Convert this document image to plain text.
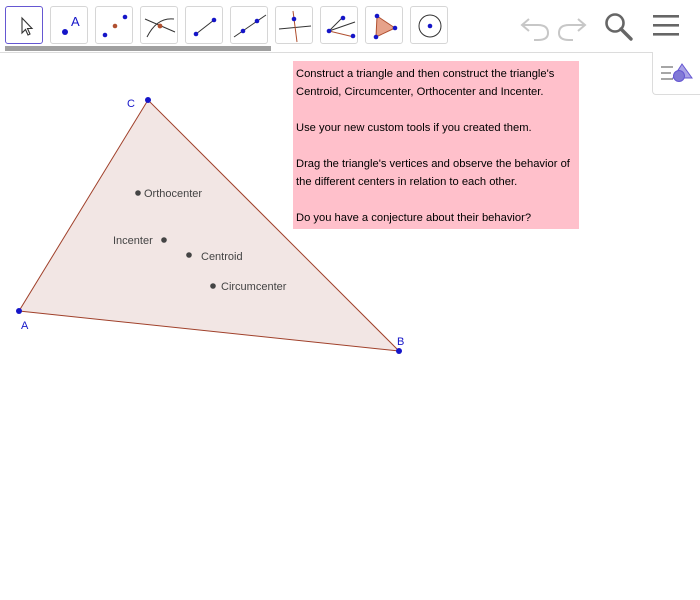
A
Orthocenter
Incenter
Centroid
Circumcenter
C
A
B

Construct a triangle and then construct the triangle's Centroid, Circumcenter, Orthocenter and Incenter.

Use your new custom tools if you created them.

Drag the triangle's vertices and observe the behavior of the different centers in relation to each other.

Do you have a conjecture about their behavior?
